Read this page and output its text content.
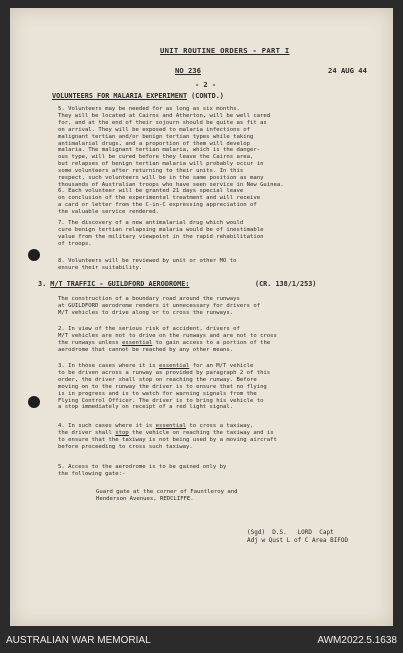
UNIT ROUTINE ORDERS - PART I
NO 236	24 AUG 44
- 2 -
VOLUNTEERS FOR MALARIA EXPERIMENT (CONTD.)
5. Volunteers may be needed for as long as six months.
They will be located at Cairns and Atherton, will be well cared
for, and at the end of their sojourn should be quite as fit as
on arrival. They will be exposed to malaria infections of
malignant tertian and/or benign tertian types while taking
antimalarial drugs, and a proportion of them will develop
malaria. The malignant tertian malaria, which is the danger-
ous type, will be cured before they leave the Cairns area,
but relapses of benign tertian malaria will probably occur in
some volunteers after returning to their units. In this
respect, such volunteers will be in the same position as many
thousands of Australian troops who have seen service in New Guinea.
6. Each volunteer will be granted 21 days special leave
on conclusion of the experimental treatment and will receive
a card or letter from the C-in-C expressing appreciation of
the valuable service rendered.
7. The discovery of a new antimalarial drug which would
cure benign tertian relapsing malaria would be of inestimable
value from the military viewpoint in the rapid rehabilitation
of troops.
8. Volunteers will be reviewed by unit or other MO to
ensure their suitability.
3. M/T TRAFFIC - GUILDFORD AERODROME:	(CR. 138/1/253)
The construction of a boundary road around the runways
at GUILDFORD aerodrome renders it unnecessary for drivers of
M/T vehicles to drive along or to cross the runways.
2. In view of the serious risk of accident, drivers of
M/T vehicles are not to drive on the runways and are not to cross
the runways unless essential to gain access to a portion of the
aerodrome that cannot be reached by any other means.
3. In those cases where it is essential for an M/T vehicle
to be driven across a runway as provided by paragraph 2 of this
order, the driver shall stop on reaching the runway. Before
moving on to the runway the driver is to ensure that no flying
is in progress and is to watch for warning signals from the
Flying Control Officer. The driver is to bring his vehicle to
a stop immediately on receipt of a red light signal.
4. In such cases where it is essential to cross a taxiway,
the driver shall stop the vehicle on reaching the taxiway and is
to ensure that the taxiway is not being used by a moving aircraft
before proceeding to cross such taxiway.
5. Access to the aerodrome is to be gained only by
the following gate:-
Guard gate at the corner of Fauntleroy and
Henderson Avenues, REDCLIFFE.
(Sgd)  D.S.   LORD  Capt
Adj w Qust L of C Area BIFOD
AUSTRALIAN WAR MEMORIAL	AWM2022.5.1638
